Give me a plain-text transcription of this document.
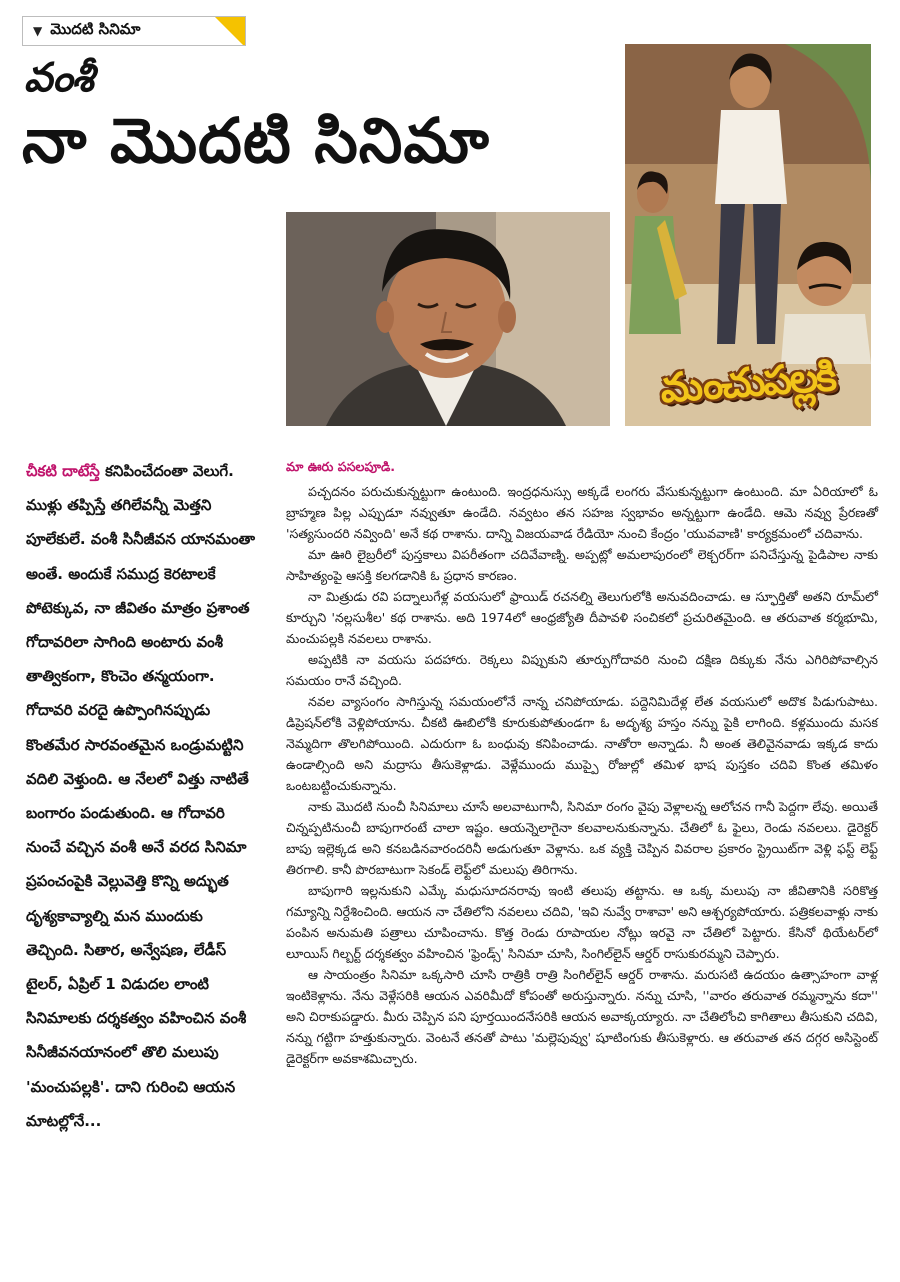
▼ మొదటి సినిమా
వంశీ
నా మొదటి సినిమా
మంచుపల్లకి
చీకటి దాటేస్తే కనిపించేదంతా వెలుగే. ముళ్లు తప్పిస్తే తగిలేవన్నీ మెత్తని పూలేకులే. వంశీ సినీజీవన యానమంతా అంతే. అందుకే సముద్ర కెరటాలకే పోటెక్కువ, నా జీవితం మాత్రం ప్రశాంత గోదావరిలా సాగింది అంటారు వంశీ తాత్వికంగా, కొంచెం తన్మయంగా. గోదావరి వరదై ఉప్పొంగినప్పుడు కొంతమేర సారవంతమైన ఒండ్రుమట్టిని వదిలి వెళ్తుంది. ఆ నేలలో విత్తు నాటితే బంగారం పండుతుంది. ఆ గోదావరి నుంచే వచ్చిన వంశీ అనే వరద సినిమా ప్రపంచంపైకి వెల్లువెత్తి కొన్ని అద్భుత దృశ్యకావ్యాల్ని మన ముందుకు తెచ్చింది. సితార, అన్వేషణ, లేడీస్ టైలర్, ఏప్రిల్ 1 విడుదల లాంటి సినిమాలకు దర్శకత్వం వహించిన వంశీ సినీజీవనయానంలో తొలి మలుపు 'మంచుపల్లకి'. దాని గురించి ఆయన మాటల్లోనే...
మా ఊరు పసలపూడి.

పచ్చదనం పరుచుకున్నట్టుగా ఉంటుంది. ఇంద్రధనుస్సు అక్కడే లంగరు వేసుకున్నట్టుగా ఉంటుంది. మా ఏరియాలో ఓ బ్రాహ్మణ పిల్ల ఎప్పుడూ నవ్వుతూ ఉండేది. నవ్వటం తన సహజ స్వభావం అన్నట్టుగా ఉండేది. ఆమె నవ్వు ప్రేరణతో 'సత్యసుందరి నవ్వింది' అనే కథ రాశాను. దాన్ని విజయవాడ రేడియో నుంచి కేంద్రం 'యువవాణి' కార్యక్రమంలో చదివాను.

మా ఊరి లైబ్రరీలో పుస్తకాలు విపరీతంగా చదివేవాణ్ని. అప్పట్లో అమలాపురంలో లెక్చరర్‌గా పనిచేస్తున్న పైడిపాల నాకు సాహిత్యంపై ఆసక్తి కలగడానికి ఓ ప్రధాన కారణం.

నా మిత్రుడు రవి పద్నాలుగేళ్ల వయసులో ఫ్రాయిడ్ రచనల్ని తెలుగులోకి అనువదించాడు. ఆ స్ఫూర్తితో అతని రూమ్‌లో కూర్చుని 'నల్లసుశీల' కథ రాశాను. అది 1974లో ఆంధ్రజ్యోతి దీపావళి సంచికలో ప్రచురితమైంది. ఆ తరువాత కర్మభూమి, మంచుపల్లకి నవలలు రాశాను.

అప్పటికి నా వయసు పదహారు. రెక్కలు విప్పుకుని తూర్పుగోదావరి నుంచి దక్షిణ దిక్కుకు నేను ఎగిరిపోవాల్సిన సమయం రానే వచ్చింది.

నవల వ్యాసంగం సాగిస్తున్న సమయంలోనే నాన్న చనిపోయాడు. పద్దెనిమిదేళ్ల లేత వయసులో అదొక పిడుగుపాటు. డిప్రెషన్‌లోకి వెళ్లిపోయాను. చీకటి ఊబిలోకి కూరుకుపోతుండగా ఓ అదృశ్య హస్తం నన్ను పైకి లాగింది. కళ్లముందు మసక నెమ్మదిగా తొలగిపోయింది. ఎదురుగా ఓ బంధువు కనిపించాడు. నాతోరా అన్నాడు. నీ అంత తెలివైనవాడు ఇక్కడ కాదు ఉండాల్సింది అని మద్రాసు తీసుకెళ్లాడు. వెళ్లేముందు ముప్పై రోజుల్లో తమిళ భాష పుస్తకం చదివి కొంత తమిళం ఒంటబట్టించుకున్నాను.

నాకు మొదటి నుంచీ సినిమాలు చూసే అలవాటుగానీ, సినిమా రంగం వైపు వెళ్లాలన్న ఆలోచన గానీ పెద్దగా లేవు. అయితే చిన్నప్పటినుంచీ బాపుగారంటే చాలా ఇష్టం. ఆయన్నెలాగైనా కలవాలనుకున్నాను. చేతిలో ఓ ఫైలు, రెండు నవలలు. డైరెక్టర్ బాపు ఇల్లెక్కడ అని కనబడినవారందరినీ అడుగుతూ వెళ్లాను. ఒక వ్యక్తి చెప్పిన వివరాల ప్రకారం స్ట్రెయిట్‌గా వెళ్లి ఫస్ట్ లెఫ్ట్ తిరగాలి. కానీ పొరబాటుగా సెకండ్ లెఫ్ట్‌లో మలుపు తిరిగాను.

బాపుగారి ఇల్లనుకుని ఎమ్కే మధుసూదనరావు ఇంటి తలుపు తట్టాను. ఆ ఒక్క మలుపు నా జీవితానికి సరికొత్త గమ్యాన్ని నిర్దేశించింది. ఆయన నా చేతిలోని నవలలు చదివి, 'ఇవి నువ్వే రాశావా' అని ఆశ్చర్యపోయారు. పత్రికలవాళ్లు నాకు పంపిన అనుమతి పత్రాలు చూపించాను. కొత్త రెండు రూపాయల నోట్లు ఇరవై నా చేతిలో పెట్టారు. కేసినో థియేటర్‌లో లూయిస్ గిల్బర్ట్ దర్శకత్వం వహించిన 'ఫ్రెండ్స్' సినిమా చూసి, సింగిల్‌లైన్ ఆర్డర్ రాసుకురమ్మని చెప్పారు.

ఆ సాయంత్రం సినిమా ఒక్కసారి చూసి రాత్రికి రాత్రి సింగిల్‌లైన్ ఆర్డర్ రాశాను. మరుసటి ఉదయం ఉత్సాహంగా వాళ్ల ఇంటికెళ్లాను. నేను వెళ్లేసరికి ఆయన ఎవరిమీదో కోపంతో అరుస్తున్నారు. నన్ను చూసి, ''వారం తరువాత రమ్మన్నాను కదా'' అని చిరాకుపడ్డారు. మీరు చెప్పిన పని పూర్తయిందనేసరికి ఆయన అవాక్కయ్యారు. నా చేతిలోంచి కాగితాలు తీసుకుని చదివి, నన్ను గట్టిగా హత్తుకున్నారు. వెంటనే తనతో పాటు 'మల్లెపువ్వు' షూటింగుకు తీసుకెళ్లారు. ఆ తరువాత తన దగ్గర అసిస్టెంట్ డైరెక్టర్‌గా అవకాశమిచ్చారు.
